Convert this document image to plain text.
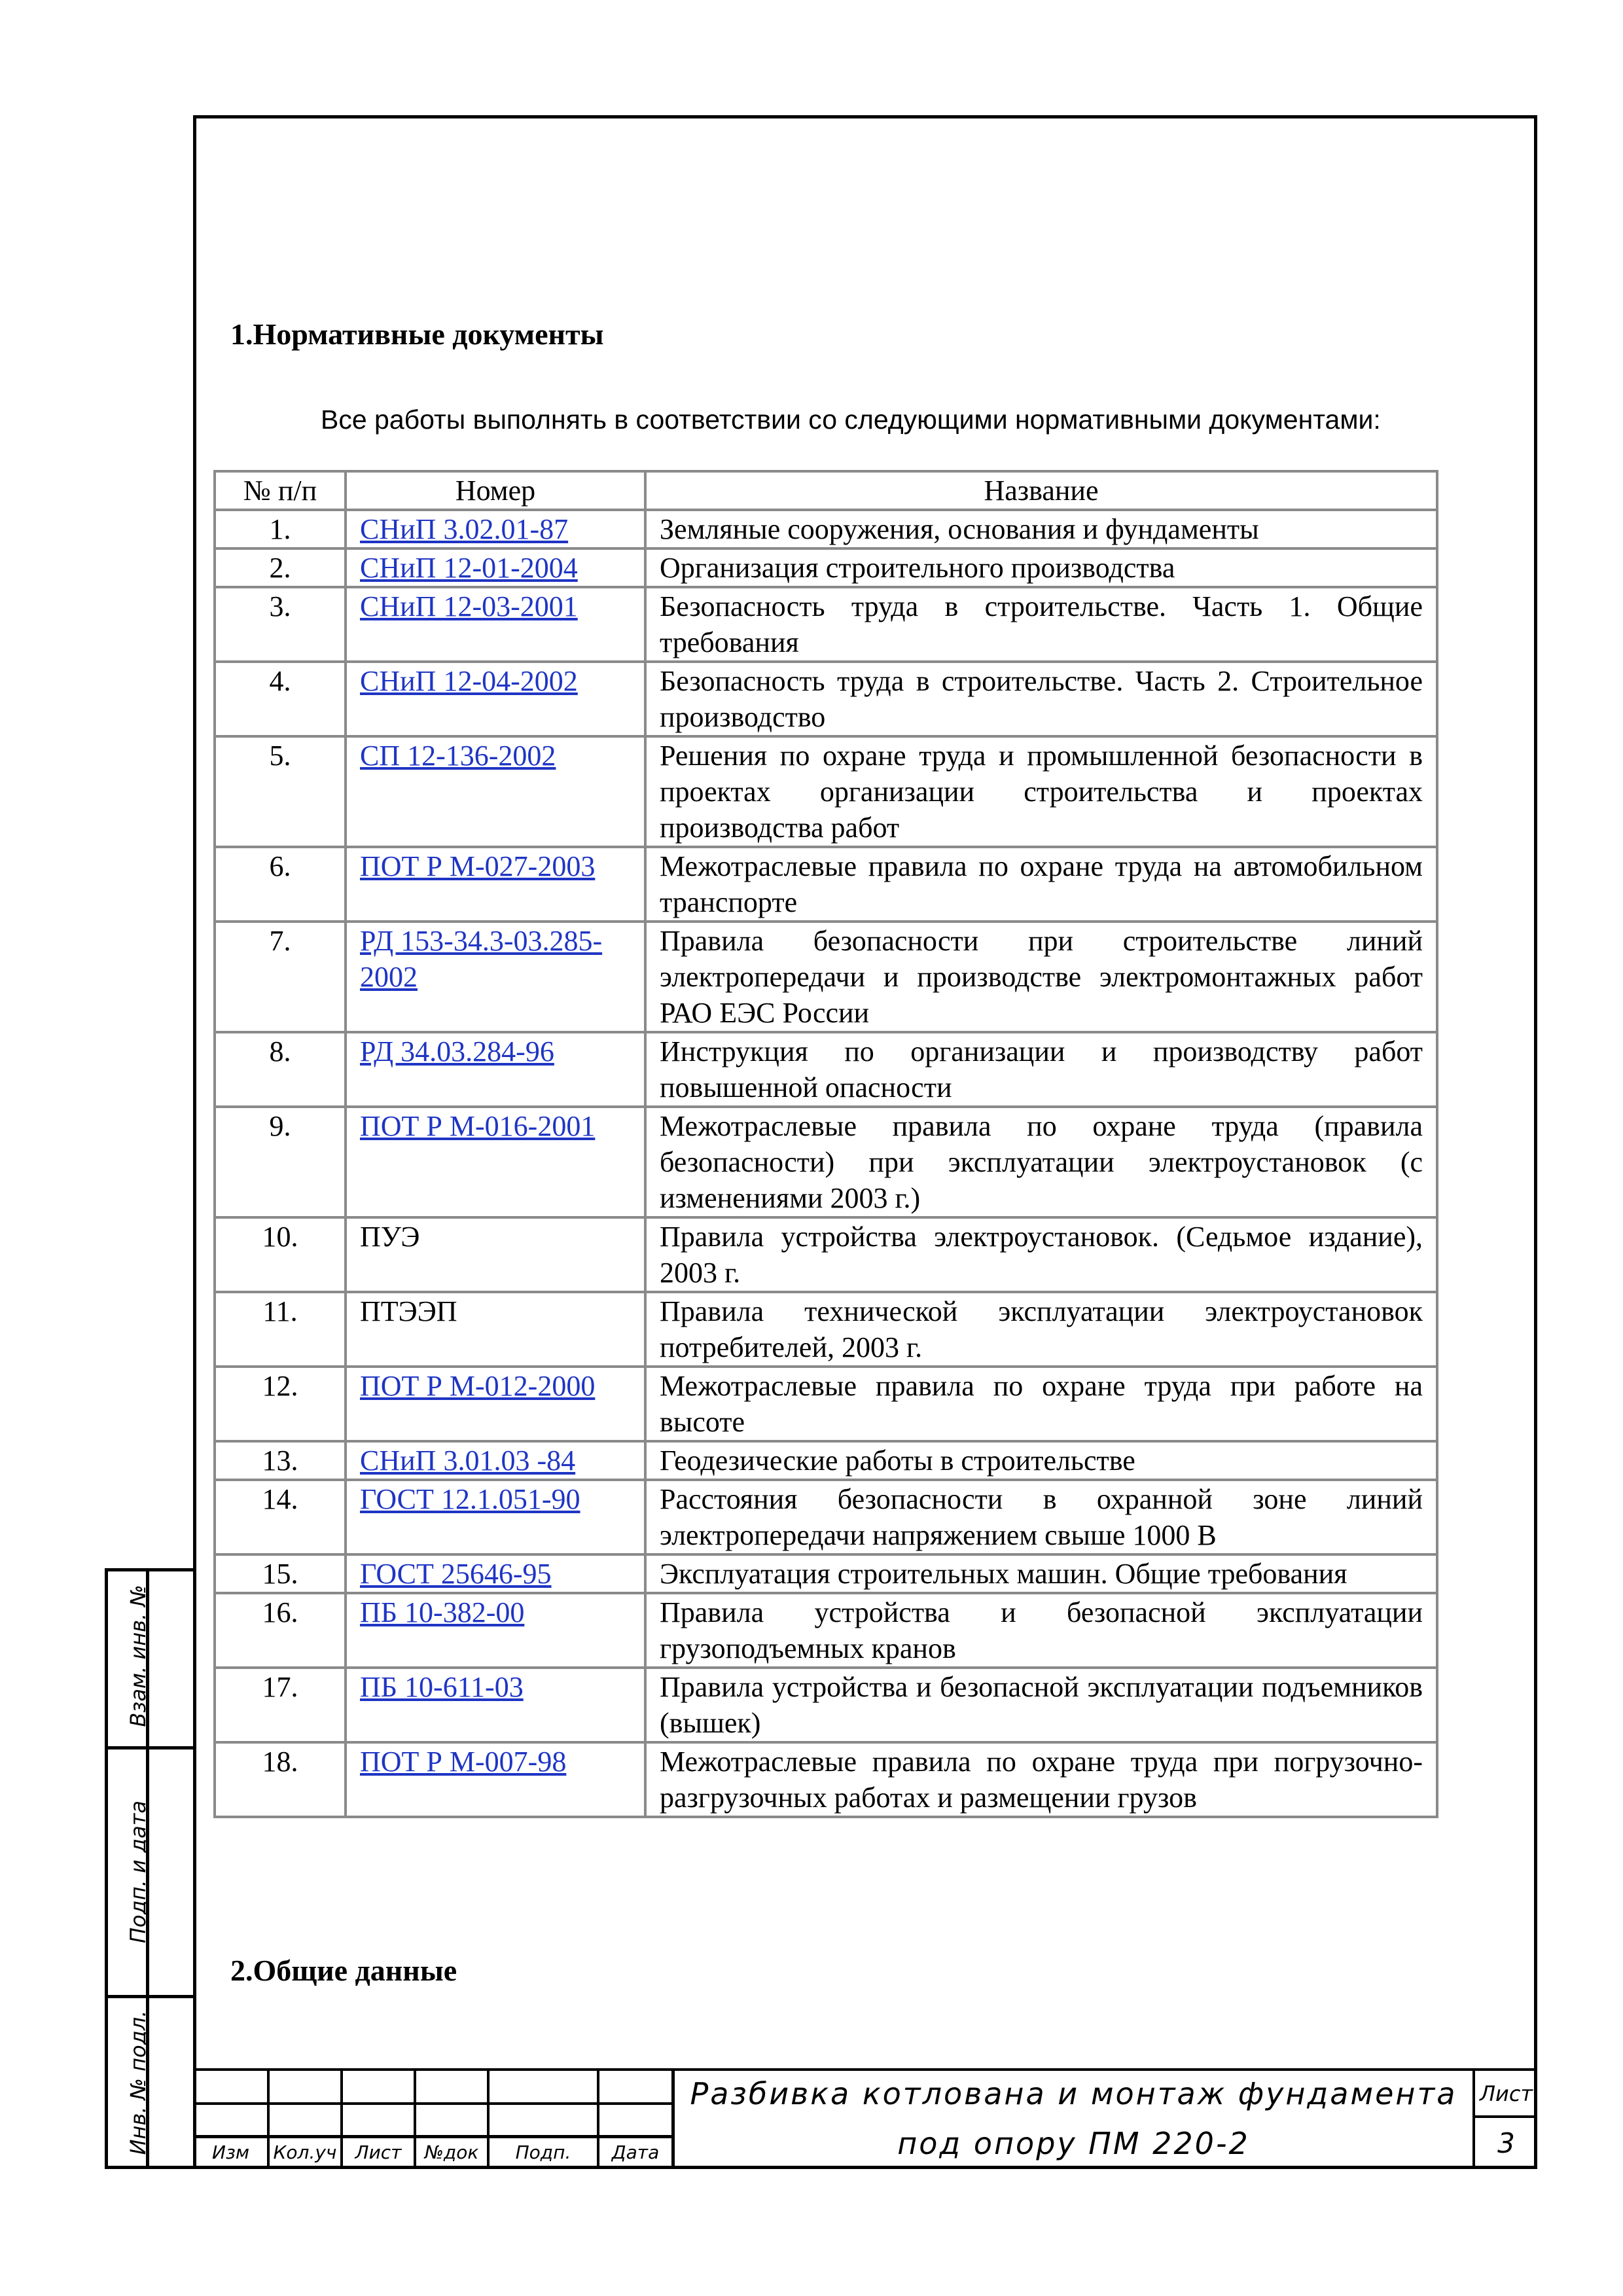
1.Нормативные документы
Все работы выполнять в соответствии со следующими нормативными документами:
№ п/п	Номер	Название
1.	СНиП 3.02.01-87	Земляные сооружения, основания и фундаменты
2.	СНиП 12-01-2004	Организация строительного производства
3.	СНиП 12-03-2001	Безопасность труда в строительстве. Часть 1. Общие требования
4.	СНиП 12-04-2002	Безопасность труда в строительстве. Часть 2. Строительное производство
5.	СП 12-136-2002	Решения по охране труда и промышленной безопасности в проектах организации строительства и проектах производства работ
6.	ПОТ Р М-027-2003	Межотраслевые правила по охране труда на автомобильном транспорте
7.	РД 153-34.3-03.285-2002	Правила безопасности при строительстве линий электропередачи и производстве электромонтажных работ РАО ЕЭС России
8.	РД 34.03.284-96	Инструкция по организации и производству работ повышенной опасности
9.	ПОТ Р М-016-2001	Межотраслевые правила по охране труда (правила безопасности) при эксплуатации электроустановок (с изменениями 2003 г.)
10.	ПУЭ	Правила устройства электроустановок. (Седьмое издание), 2003 г.
11.	ПТЭЭП	Правила технической эксплуатации электроустановок потребителей, 2003 г.
12.	ПОТ Р М-012-2000	Межотраслевые правила по охране труда при работе на высоте
13.	СНиП 3.01.03 -84	Геодезические работы в строительстве
14.	ГОСТ 12.1.051-90	Расстояния безопасности в охранной зоне линий электропередачи напряжением свыше 1000 В
15.	ГОСТ 25646-95	Эксплуатация строительных машин. Общие требования
16.	ПБ 10-382-00	Правила устройства и безопасной эксплуатации грузоподъемных кранов
17.	ПБ 10-611-03	Правила устройства и безопасной эксплуатации подъемников (вышек)
18.	ПОТ Р М-007-98	Межотраслевые правила по охране труда при погрузочно-разгрузочных работах и размещении грузов
2.Общие данные
Взам. инв. №
Подп. и дата
Инв. № подл.	Изм	Кол.уч	Лист	№док	Подп.	Дата
Разбивка котлована и монтаж фундамента
под опору ПМ 220-2
Лист
3
